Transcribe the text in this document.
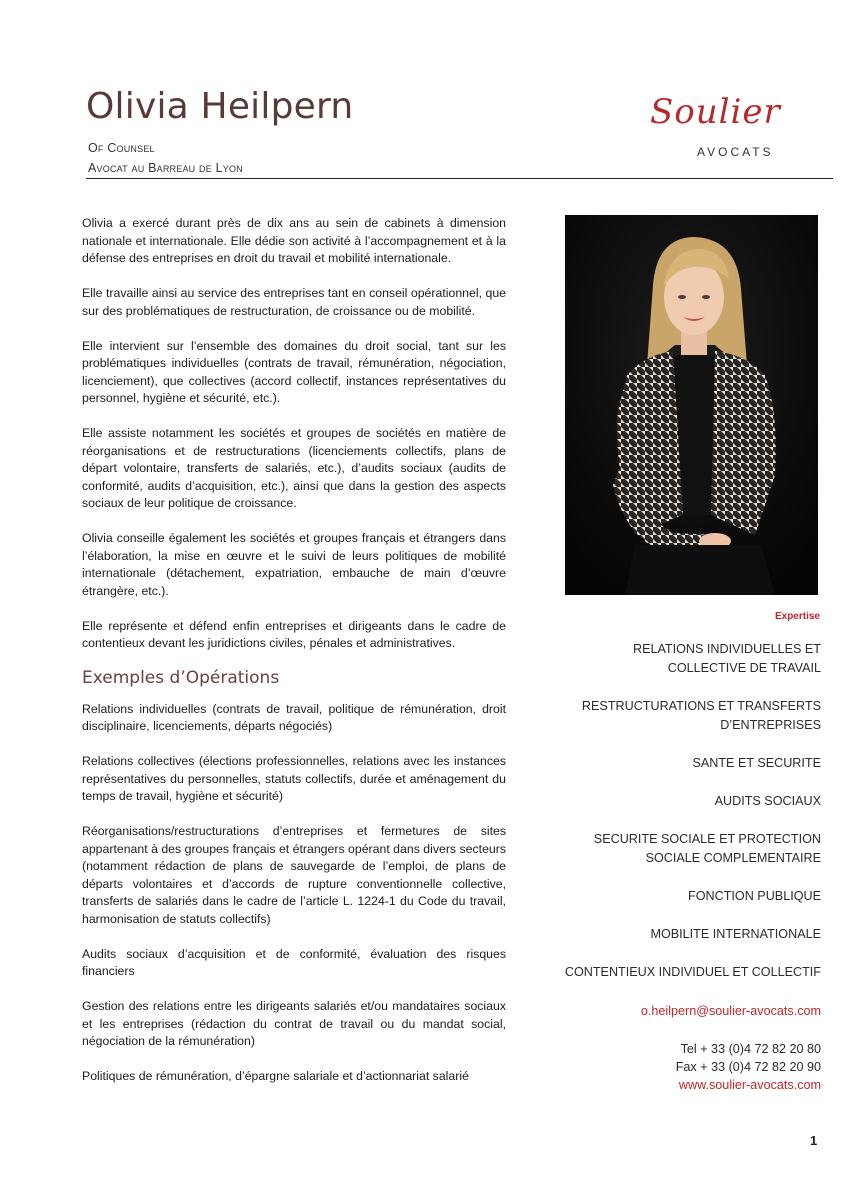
Olivia Heilpern
Of Counsel
Avocat au Barreau de Lyon
Soulier
AVOCATS

Olivia a exercé durant près de dix ans au sein de cabinets à dimension nationale et internationale. Elle dédie son activité à l’accompagnement et à la défense des entreprises en droit du travail et mobilité internationale.

Elle travaille ainsi au service des entreprises tant en conseil opérationnel, que sur des problématiques de restructuration, de croissance ou de mobilité.

Elle intervient sur l’ensemble des domaines du droit social, tant sur les problématiques individuelles (contrats de travail, rémunération, négociation, licenciement), que collectives (accord collectif, instances représentatives du personnel, hygiène et sécurité, etc.).

Elle assiste notamment les sociétés et groupes de sociétés en matière de réorganisations et de restructurations (licenciements collectifs, plans de départ volontaire, transferts de salariés, etc.), d’audits sociaux (audits de conformité, audits d’acquisition, etc.), ainsi que dans la gestion des aspects sociaux de leur politique de croissance.

Olivia conseille également les sociétés et groupes français et étrangers dans l’élaboration, la mise en œuvre et le suivi de leurs politiques de mobilité internationale (détachement, expatriation, embauche de main d’œuvre étrangère, etc.).

Elle représente et défend enfin entreprises et dirigeants dans le cadre de contentieux devant les juridictions civiles, pénales et administratives.

Exemples d’Opérations

Relations individuelles (contrats de travail, politique de rémunération, droit disciplinaire, licenciements, départs négociés)

Relations collectives (élections professionnelles, relations avec les instances représentatives du personnelles, statuts collectifs, durée et aménagement du temps de travail, hygiène et sécurité)

Réorganisations/restructurations d’entreprises et fermetures de sites appartenant à des groupes français et étrangers opérant dans divers secteurs (notamment rédaction de plans de sauvegarde de l’emploi, de plans de départs volontaires et d’accords de rupture conventionnelle collective, transferts de salariés dans le cadre de l’article L. 1224-1 du Code du travail, harmonisation de statuts collectifs)

Audits sociaux d’acquisition et de conformité, évaluation des risques financiers

Gestion des relations entre les dirigeants salariés et/ou mandataires sociaux et les entreprises (rédaction du contrat de travail ou du mandat social, négociation de la rémunération)

Politiques de rémunération, d’épargne salariale et d’actionnariat salarié

Expertise
RELATIONS INDIVIDUELLES ET
COLLECTIVE DE TRAVAIL
RESTRUCTURATIONS ET TRANSFERTS
D’ENTREPRISES
SANTE ET SECURITE
AUDITS SOCIAUX
SECURITE SOCIALE ET PROTECTION
SOCIALE COMPLEMENTAIRE
FONCTION PUBLIQUE
MOBILITE INTERNATIONALE
CONTENTIEUX INDIVIDUEL ET COLLECTIF
o.heilpern@soulier-avocats.com
Tel + 33 (0)4 72 82 20 80
Fax + 33 (0)4 72 82 20 90
www.soulier-avocats.com
1
